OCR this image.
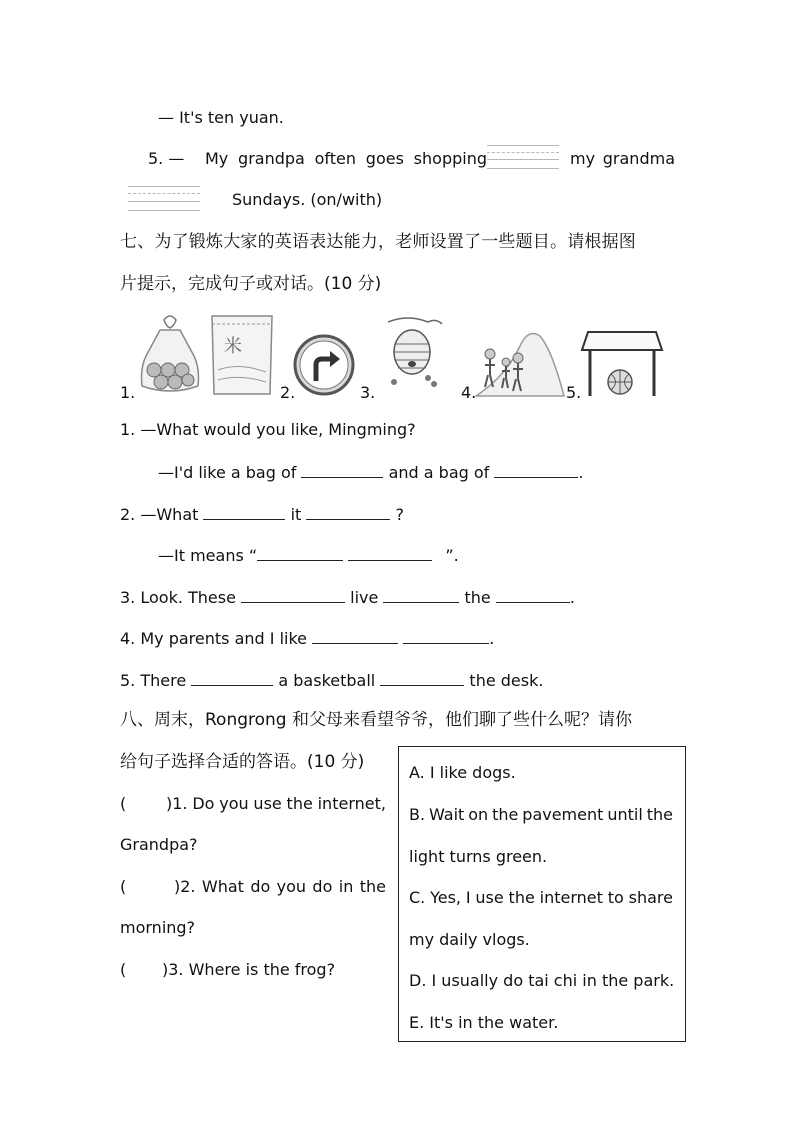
— It's ten yuan.
5. — My grandpa often goes shopping	my grandma
Sundays. (on/with)
七、为了锻炼大家的英语表达能力，老师设置了一些题目。请根据图
片提示，完成句子或对话。(10 分)
1.
米
2.	3.	4.	5.
1. —What would you like, Mingming?
—I'd like a bag of	and a bag of	.
2. —What	it	?
—It means “	”.
3. Look. These	live	the	.
4. My parents and I like	.
5. There	a basketball	the desk.
八、周末，Rongrong 和父母来看望爷爷，他们聊了些什么呢？请你
给句子选择合适的答语。(10 分)
( )1. Do you use the internet,
Grandpa?
(	)2. What do you do in the
morning?
( )3. Where is the frog?
A. I like dogs.
B. Wait on the pavement until the
light turns green.
C. Yes, I use the internet to share
my daily vlogs.
D. I usually do tai chi in the park.
E. It's in the water.
